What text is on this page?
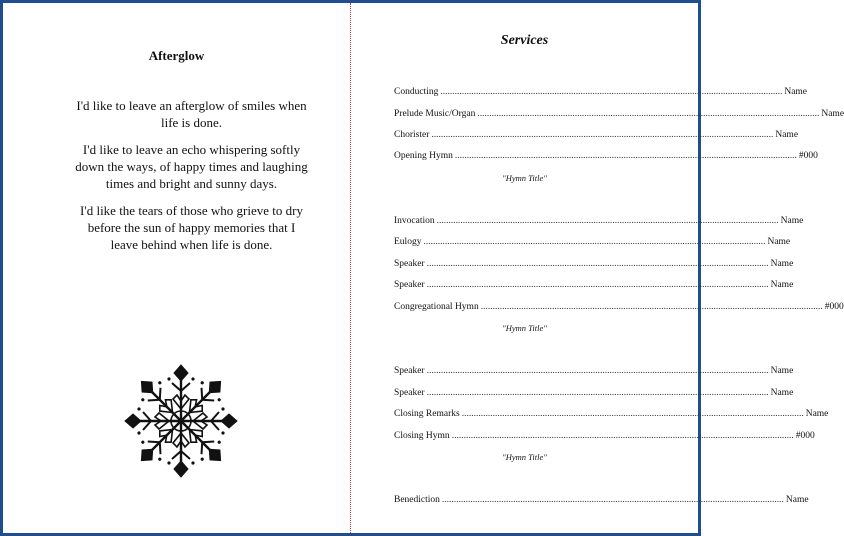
Afterglow

I'd like to leave an afterglow of smiles when life is done.

I'd like to leave an echo whispering softly down the ways, of happy times and laughing times and bright and sunny days.

I'd like the tears of those who grieve to dry before the sun of happy memories that I leave behind when life is done.

Services
Conducting ................................................................................................................................................ Name
Prelude Music/Organ ................................................................................................................................................ Name
Chorister ................................................................................................................................................ Name
Opening Hymn ................................................................................................................................................ #000
"Hymn Title"
Invocation ................................................................................................................................................ Name
Eulogy ................................................................................................................................................ Name
Speaker ................................................................................................................................................ Name
Speaker ................................................................................................................................................ Name
Congregational Hymn ................................................................................................................................................ #000
"Hymn Title"
Speaker ................................................................................................................................................ Name
Speaker ................................................................................................................................................ Name
Closing Remarks ................................................................................................................................................ Name
Closing Hymn ................................................................................................................................................ #000
"Hymn Title"
Benediction ................................................................................................................................................ Name
